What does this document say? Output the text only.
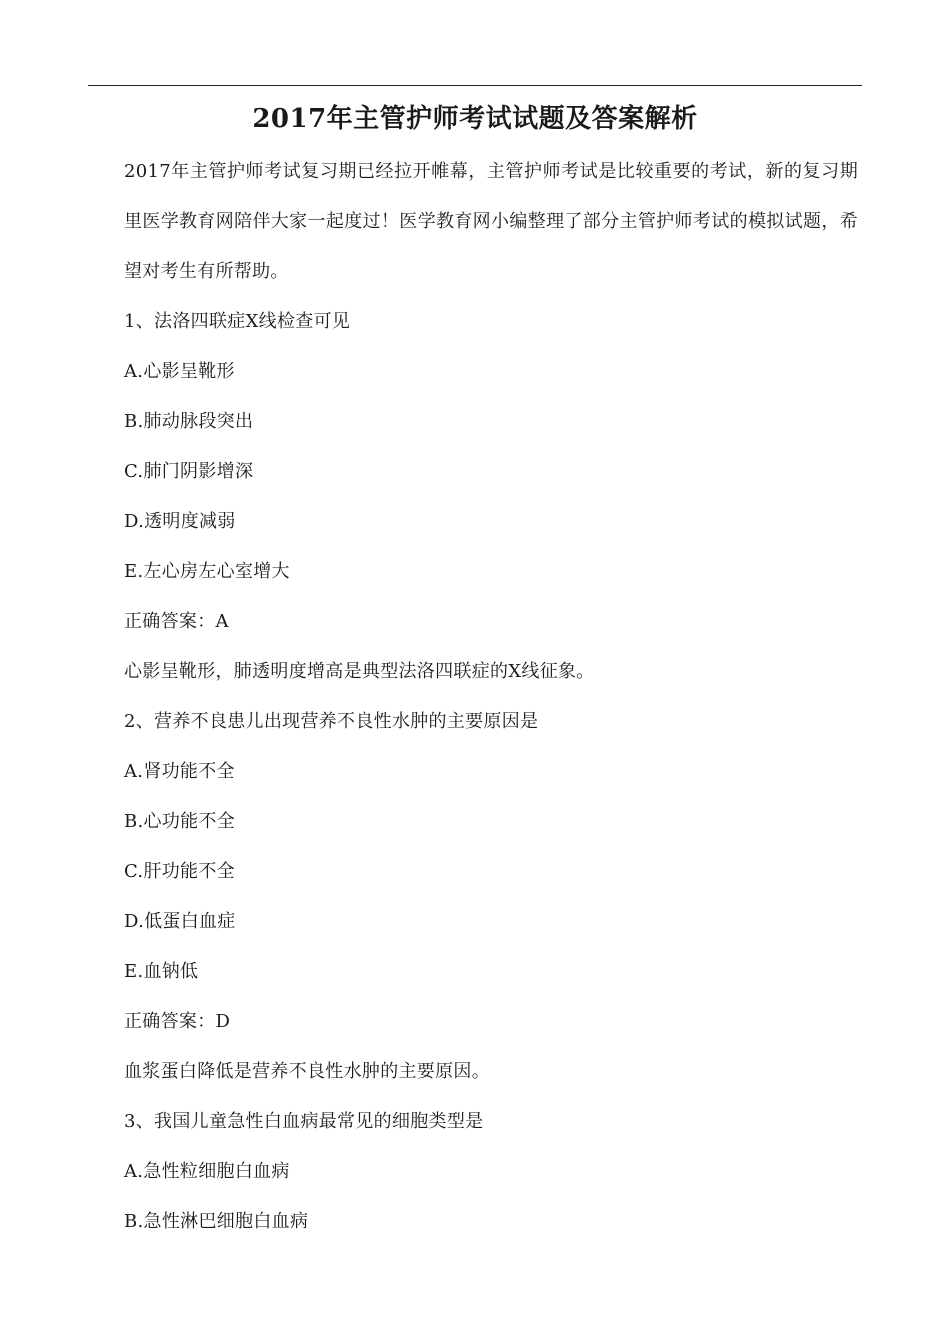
2017年主管护师考试试题及答案解析

2017年主管护师考试复习期已经拉开帷幕，主管护师考试是比较重要的考试，新的复习期里医学教育网陪伴大家一起度过！医学教育网小编整理了部分主管护师考试的模拟试题，希望对考生有所帮助。

1、法洛四联症X线检查可见
A.心影呈靴形
B.肺动脉段突出
C.肺门阴影增深
D.透明度减弱
E.左心房左心室增大
正确答案：A
心影呈靴形，肺透明度增高是典型法洛四联症的X线征象。
2、营养不良患儿出现营养不良性水肿的主要原因是
A.肾功能不全
B.心功能不全
C.肝功能不全
D.低蛋白血症
E.血钠低
正确答案：D
血浆蛋白降低是营养不良性水肿的主要原因。
3、我国儿童急性白血病最常见的细胞类型是
A.急性粒细胞白血病
B.急性淋巴细胞白血病
